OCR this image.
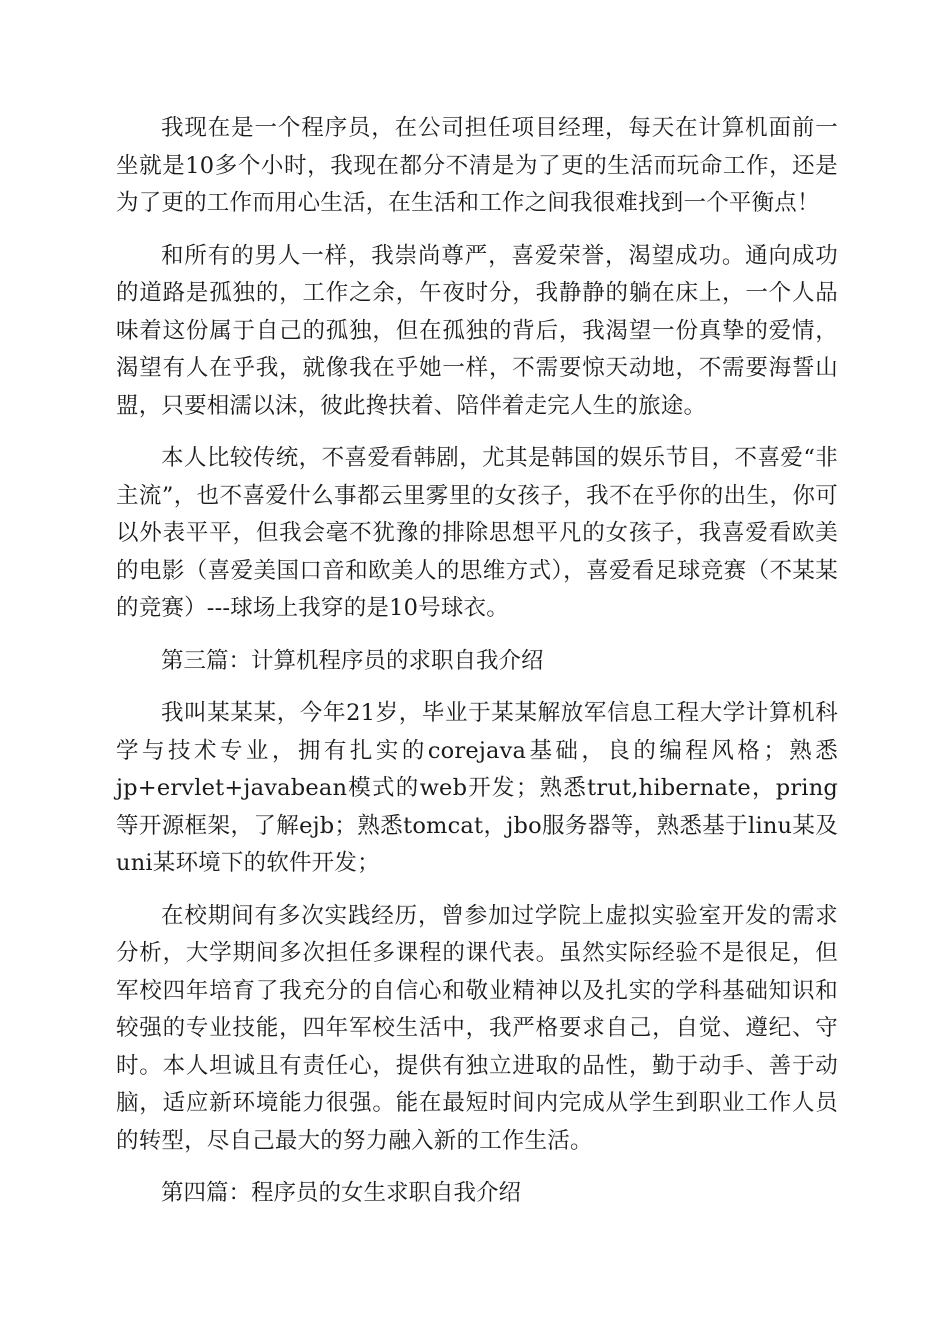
我现在是一个程序员，在公司担任项目经理，每天在计算机面前一坐就是10多个小时，我现在都分不清是为了更的生活而玩命工作，还是为了更的工作而用心生活，在生活和工作之间我很难找到一个平衡点！

和所有的男人一样，我崇尚尊严，喜爱荣誉，渴望成功。通向成功的道路是孤独的，工作之余，午夜时分，我静静的躺在床上，一个人品味着这份属于自己的孤独，但在孤独的背后，我渴望一份真挚的爱情，渴望有人在乎我，就像我在乎她一样，不需要惊天动地，不需要海誓山盟，只要相濡以沫，彼此搀扶着、陪伴着走完人生的旅途。

本人比较传统，不喜爱看韩剧，尤其是韩国的娱乐节目，不喜爱“非主流”，也不喜爱什么事都云里雾里的女孩子，我不在乎你的出生，你可以外表平平，但我会毫不犹豫的排除思想平凡的女孩子，我喜爱看欧美的电影（喜爱美国口音和欧美人的思维方式），喜爱看足球竞赛（不某某的竞赛）---球场上我穿的是10号球衣。

第三篇：计算机程序员的求职自我介绍

我叫某某某，今年21岁，毕业于某某解放军信息工程大学计算机科学与技术专业，拥有扎实的corejava基础，良的编程风格；熟悉jp+ervlet+javabean模式的web开发；熟悉trut,hibernate，pring等开源框架，了解ejb；熟悉tomcat，jbo服务器等，熟悉基于linu某及uni某环境下的软件开发；

在校期间有多次实践经历，曾参加过学院上虚拟实验室开发的需求分析，大学期间多次担任多课程的课代表。虽然实际经验不是很足，但军校四年培育了我充分的自信心和敬业精神以及扎实的学科基础知识和较强的专业技能，四年军校生活中，我严格要求自己，自觉、遵纪、守时。本人坦诚且有责任心，提供有独立进取的品性，勤于动手、善于动脑，适应新环境能力很强。能在最短时间内完成从学生到职业工作人员的转型，尽自己最大的努力融入新的工作生活。

第四篇：程序员的女生求职自我介绍
